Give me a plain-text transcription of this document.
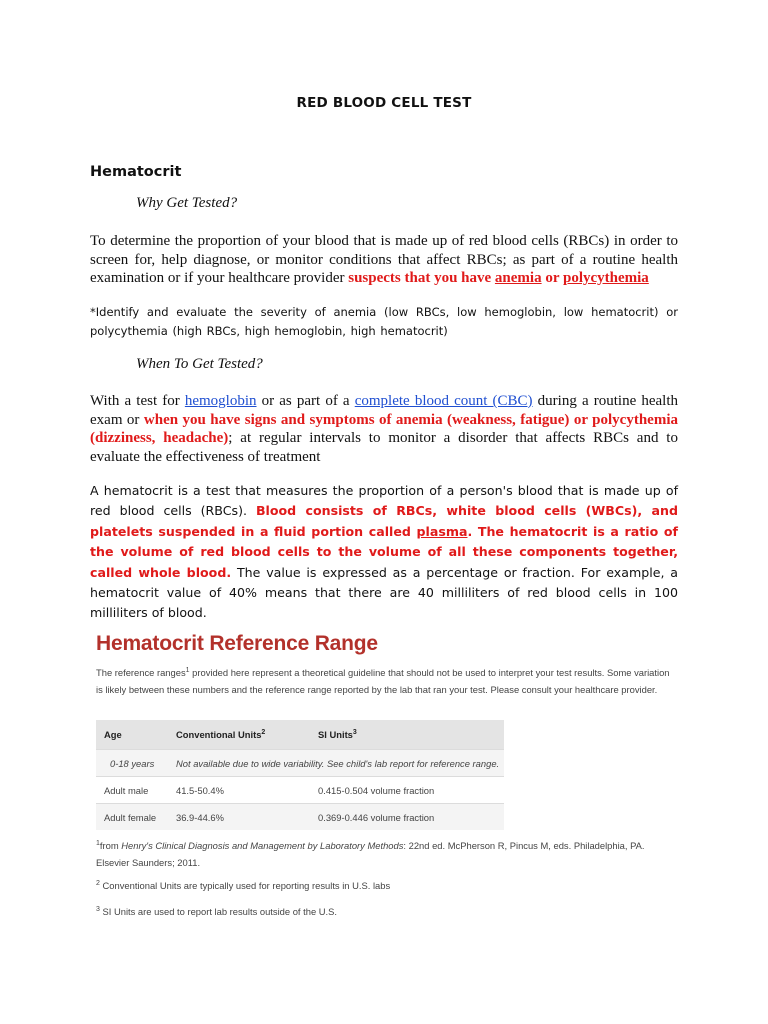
RED BLOOD CELL TEST
Hematocrit
Why Get Tested?
To determine the proportion of your blood that is made up of red blood cells (RBCs) in order to screen for, help diagnose, or monitor conditions that affect RBCs; as part of a routine health examination or if your healthcare provider suspects that you have anemia or polycythemia
*Identify and evaluate the severity of anemia (low RBCs, low hemoglobin, low hematocrit) or polycythemia (high RBCs, high hemoglobin, high hematocrit)
When To Get Tested?
With a test for hemoglobin or as part of a complete blood count (CBC) during a routine health exam or when you have signs and symptoms of anemia (weakness, fatigue) or polycythemia (dizziness, headache); at regular intervals to monitor a disorder that affects RBCs and to evaluate the effectiveness of treatment
A hematocrit is a test that measures the proportion of a person's blood that is made up of red blood cells (RBCs). Blood consists of RBCs, white blood cells (WBCs), and platelets suspended in a fluid portion called plasma. The hematocrit is a ratio of the volume of red blood cells to the volume of all these components together, called whole blood. The value is expressed as a percentage or fraction. For example, a hematocrit value of 40% means that there are 40 milliliters of red blood cells in 100 milliliters of blood.
Hematocrit Reference Range
The reference ranges$^1$ provided here represent a theoretical guideline that should not be used to interpret your test results. Some variation is likely between these numbers and the reference range reported by the lab that ran your test. Please consult your healthcare provider.
Age	Conventional Units$^2$	SI Units$^3$
0-18 years	Not available due to wide variability. See child's lab report for reference range.	
Adult male	41.5-50.4%	0.415-0.504 volume fraction
Adult female	36.9-44.6%	0.369-0.446 volume fraction
$^1$from Henry's Clinical Diagnosis and Management by Laboratory Methods: 22nd ed. McPherson R, Pincus M, eds. Philadelphia, PA. Elsevier Saunders; 2011.
$^2$ Conventional Units are typically used for reporting results in U.S. labs
$^3$ SI Units are used to report lab results outside of the U.S.
